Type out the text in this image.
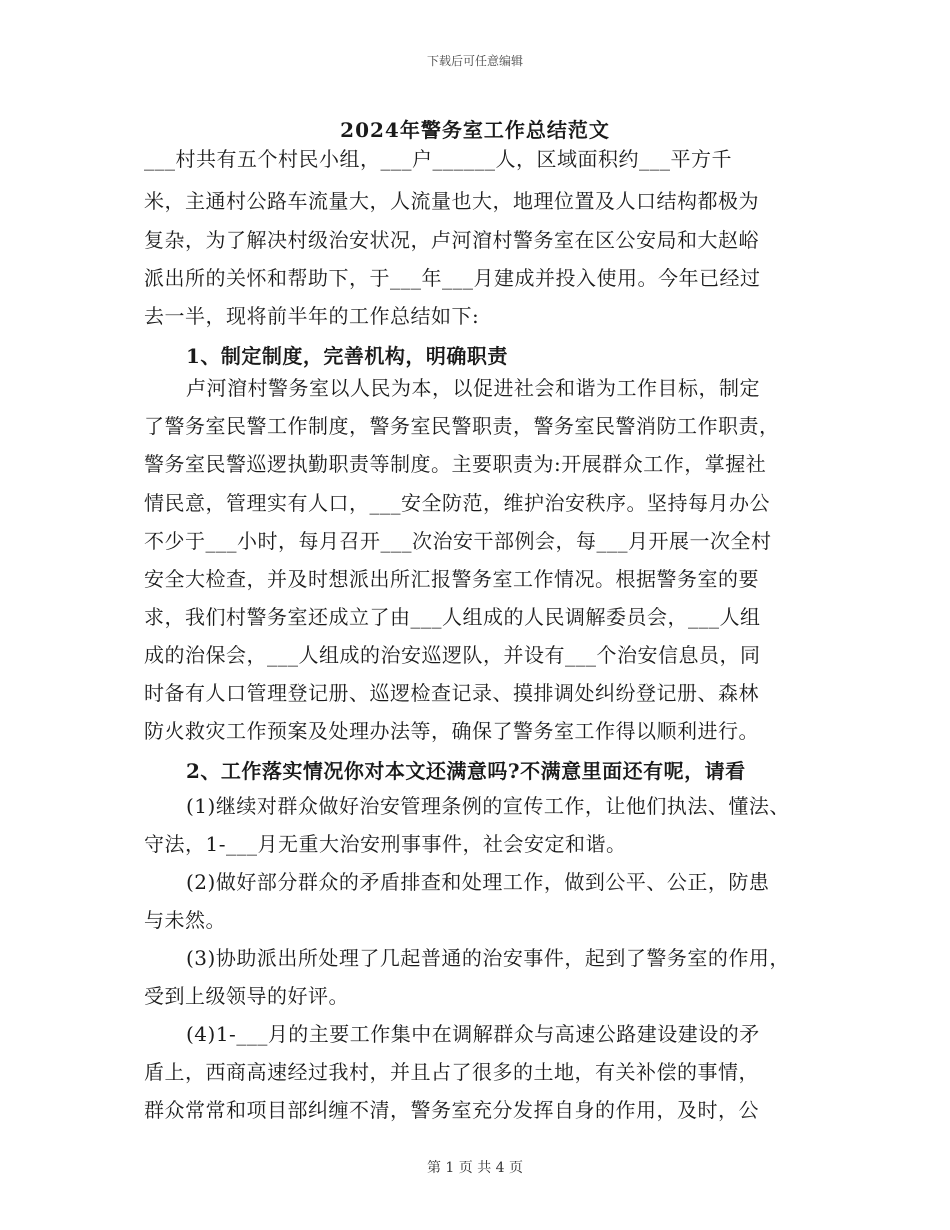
下载后可任意编辑
2024年警务室工作总结范文
___村共有五个村民小组，___户______人，区域面积约___平方千
米，主通村公路车流量大，人流量也大，地理位置及人口结构都极为
复杂，为了解决村级治安状况，卢河㴭村警务室在区公安局和大赵峪
派出所的关怀和帮助下，于___年___月建成并投入使用。今年已经过
去一半，现将前半年的工作总结如下:
1、制定制度，完善机构，明确职责
卢河㴭村警务室以人民为本，以促进社会和谐为工作目标，制定
了警务室民警工作制度，警务室民警职责，警务室民警消防工作职责，
警务室民警巡逻执勤职责等制度。主要职责为:开展群众工作，掌握社
情民意，管理实有人口，___安全防范，维护治安秩序。坚持每月办公
不少于___小时，每月召开___次治安干部例会，每___月开展一次全村
安全大检查，并及时想派出所汇报警务室工作情况。根据警务室的要
求，我们村警务室还成立了由___人组成的人民调解委员会，___人组
成的治保会，___人组成的治安巡逻队，并设有___个治安信息员，同
时备有人口管理登记册、巡逻检查记录、摸排调处纠纷登记册、森林
防火救灾工作预案及处理办法等，确保了警务室工作得以顺利进行。
2、工作落实情况你对本文还满意吗?不满意里面还有呢，请看
(1)继续对群众做好治安管理条例的宣传工作，让他们执法、懂法、
守法，1-___月无重大治安刑事事件，社会安定和谐。
(2)做好部分群众的矛盾排查和处理工作，做到公平、公正，防患
与未然。
(3)协助派出所处理了几起普通的治安事件，起到了警务室的作用，
受到上级领导的好评。
(4)1-___月的主要工作集中在调解群众与高速公路建设建设的矛
盾上，西商高速经过我村，并且占了很多的土地，有关补偿的事情，
群众常常和项目部纠缠不清，警务室充分发挥自身的作用，及时，公
第 1 页 共 4 页
